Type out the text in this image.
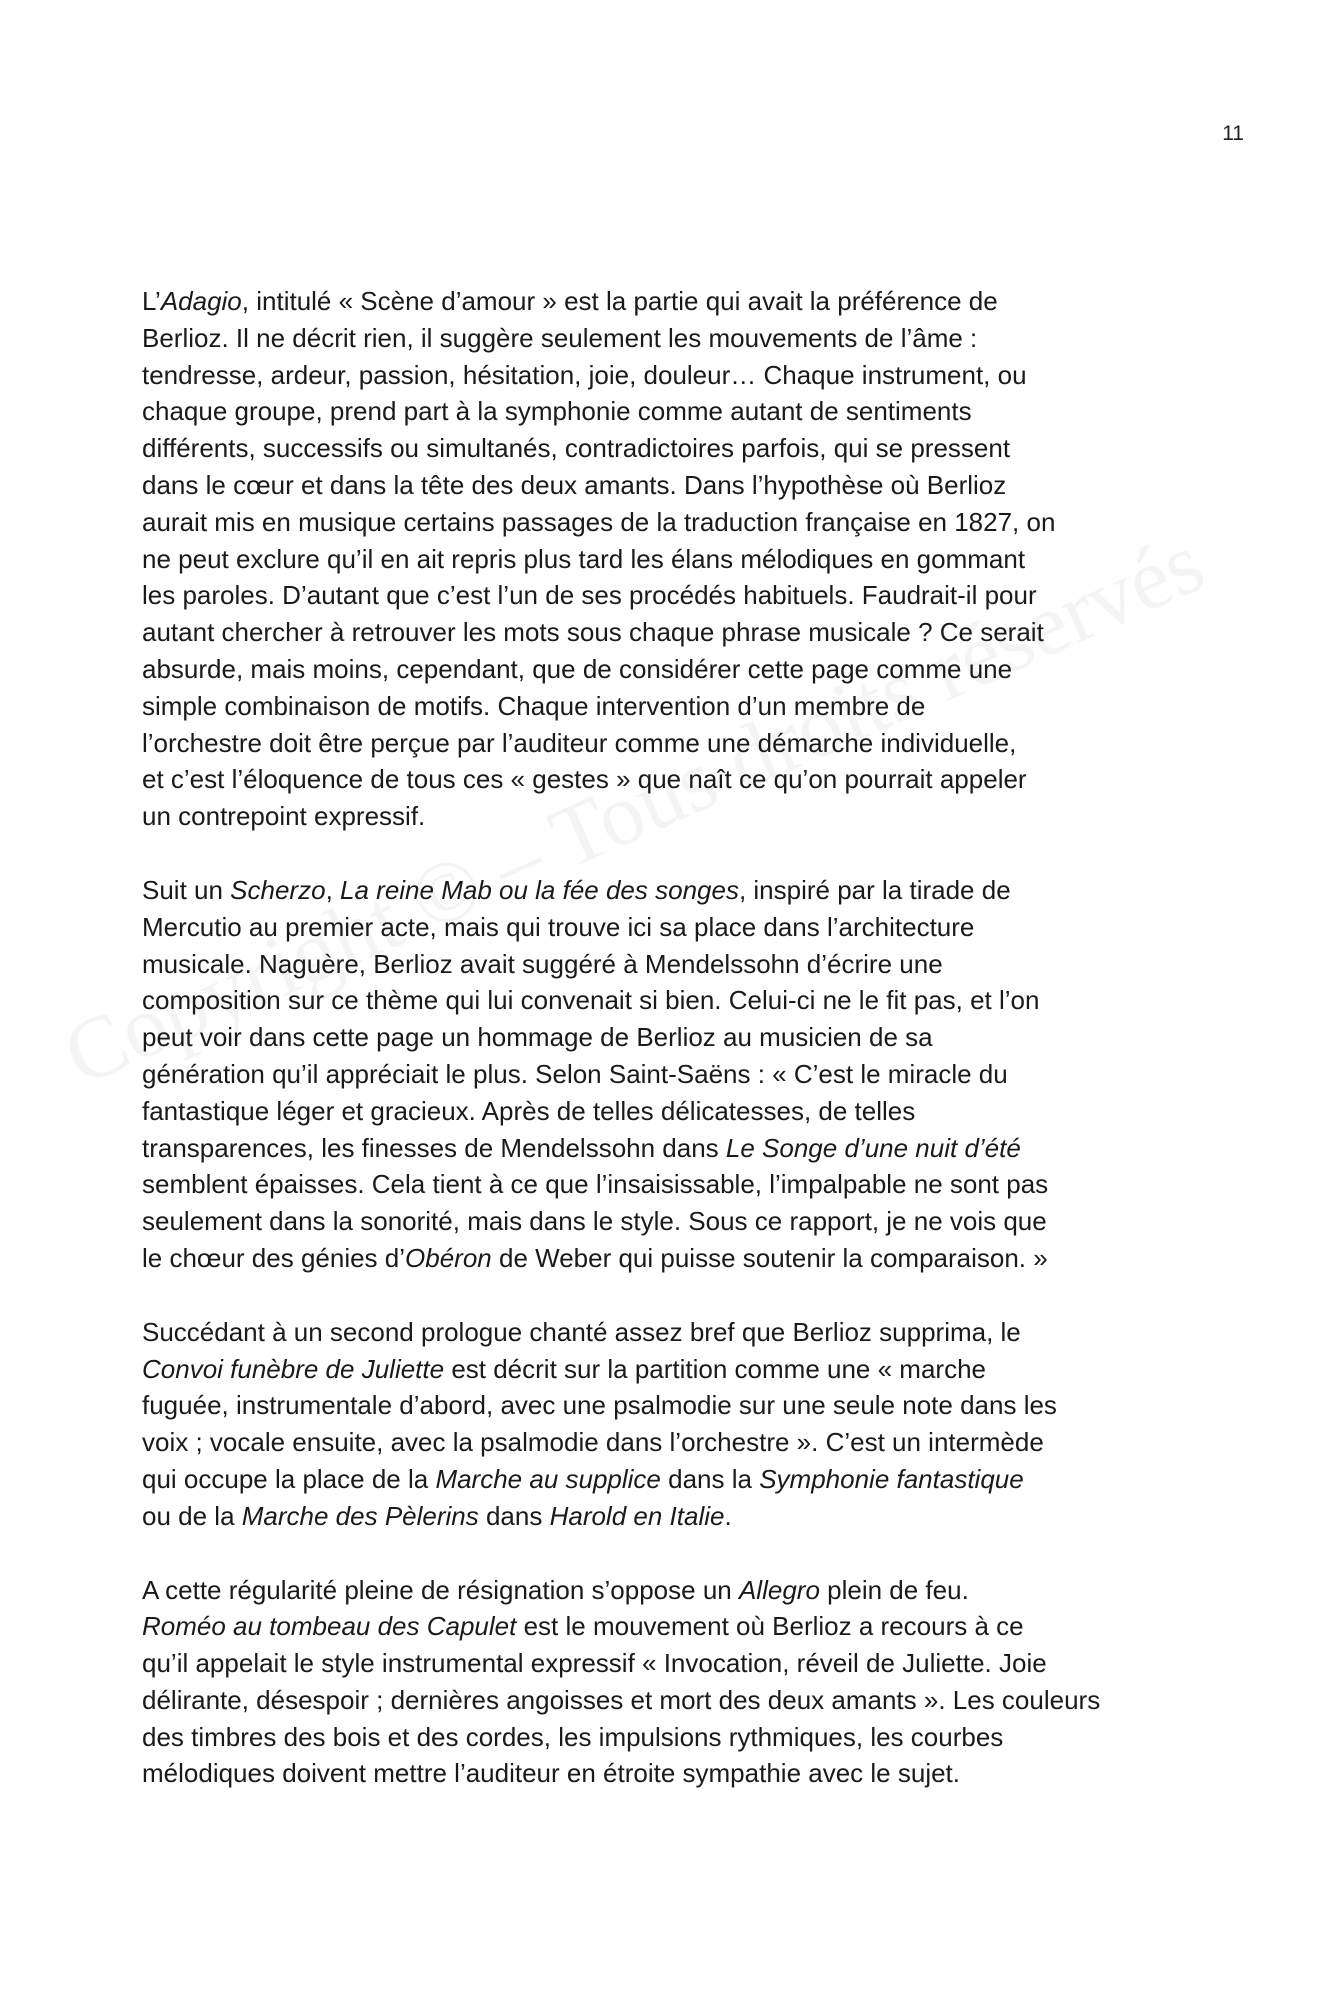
11

L’Adagio, intitulé « Scène d’amour » est la partie qui avait la préférence de
Berlioz. Il ne décrit rien, il suggère seulement les mouvements de l’âme :
tendresse, ardeur, passion, hésitation, joie, douleur… Chaque instrument, ou
chaque groupe, prend part à la symphonie comme autant de sentiments
différents, successifs ou simultanés, contradictoires parfois, qui se pressent
dans le cœur et dans la tête des deux amants. Dans l’hypothèse où Berlioz
aurait mis en musique certains passages de la traduction française en 1827, on
ne peut exclure qu’il en ait repris plus tard les élans mélodiques en gommant
les paroles. D’autant que c’est l’un de ses procédés habituels. Faudrait-il pour
autant chercher à retrouver les mots sous chaque phrase musicale ? Ce serait
absurde, mais moins, cependant, que de considérer cette page comme une
simple combinaison de motifs. Chaque intervention d’un membre de
l’orchestre doit être perçue par l’auditeur comme une démarche individuelle,
et c’est l’éloquence de tous ces « gestes » que naît ce qu’on pourrait appeler
un contrepoint expressif.

Suit un Scherzo, La reine Mab ou la fée des songes, inspiré par la tirade de
Mercutio au premier acte, mais qui trouve ici sa place dans l’architecture
musicale. Naguère, Berlioz avait suggéré à Mendelssohn d’écrire une
composition sur ce thème qui lui convenait si bien. Celui-ci ne le fit pas, et l’on
peut voir dans cette page un hommage de Berlioz au musicien de sa
génération qu’il appréciait le plus. Selon Saint-Saëns : « C’est le miracle du
fantastique léger et gracieux. Après de telles délicatesses, de telles
transparences, les finesses de Mendelssohn dans Le Songe d’une nuit d’été
semblent épaisses. Cela tient à ce que l’insaisissable, l’impalpable ne sont pas
seulement dans la sonorité, mais dans le style. Sous ce rapport, je ne vois que
le chœur des génies d’Obéron de Weber qui puisse soutenir la comparaison. »

Succédant à un second prologue chanté assez bref que Berlioz supprima, le
Convoi funèbre de Juliette est décrit sur la partition comme une « marche
fuguée, instrumentale d’abord, avec une psalmodie sur une seule note dans les
voix ; vocale ensuite, avec la psalmodie dans l’orchestre ». C’est un intermède
qui occupe la place de la Marche au supplice dans la Symphonie fantastique
ou de la Marche des Pèlerins dans Harold en Italie.

A cette régularité pleine de résignation s’oppose un Allegro plein de feu.
Roméo au tombeau des Capulet est le mouvement où Berlioz a recours à ce
qu’il appelait le style instrumental expressif « Invocation, réveil de Juliette. Joie
délirante, désespoir ; dernières angoisses et mort des deux amants ». Les couleurs
des timbres des bois et des cordes, les impulsions rythmiques, les courbes
mélodiques doivent mettre l’auditeur en étroite sympathie avec le sujet.
